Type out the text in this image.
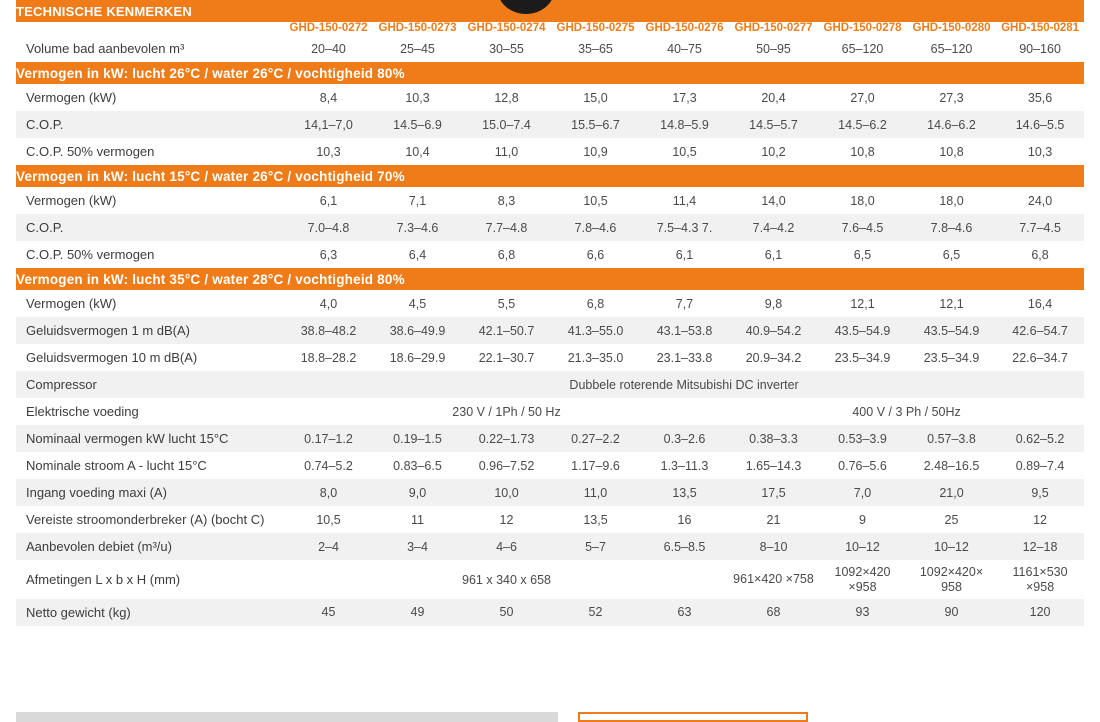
TECHNISCHE KENMERKEN									
	GHD-150-0272	GHD-150-0273	GHD-150-0274	GHD-150-0275	GHD-150-0276	GHD-150-0277	GHD-150-0278	GHD-150-0280	GHD-150-0281
Volume bad aanbevolen m³	20–40	25–45	30–55	35–65	40–75	50–95	65–120	65–120	90–160
Vermogen in kW: lucht 26°C / water 26°C / vochtigheid 80%									
Vermogen (kW)	8,4	10,3	12,8	15,0	17,3	20,4	27,0	27,3	35,6
C.O.P.	14,1–7,0	14.5–6.9	15.0–7.4	15.5–6.7	14.8–5.9	14.5–5.7	14.5–6.2	14.6–6.2	14.6–5.5
C.O.P. 50% vermogen	10,3	10,4	11,0	10,9	10,5	10,2	10,8	10,8	10,3
Vermogen in kW: lucht 15°C / water 26°C / vochtigheid 70%									
Vermogen (kW)	6,1	7,1	8,3	10,5	11,4	14,0	18,0	18,0	24,0
C.O.P.	7.0–4.8	7.3–4.6	7.7–4.8	7.8–4.6	7.5–4.3 7.	7.4–4.2	7.6–4.5	7.8–4.6	7.7–4.5
C.O.P. 50% vermogen	6,3	6,4	6,8	6,6	6,1	6,1	6,5	6,5	6,8
Vermogen in kW: lucht 35°C / water 28°C / vochtigheid 80%									
Vermogen (kW)	4,0	4,5	5,5	6,8	7,7	9,8	12,1	12,1	16,4
Geluidsvermogen 1 m dB(A)	38.8–48.2	38.6–49.9	42.1–50.7	41.3–55.0	43.1–53.8	40.9–54.2	43.5–54.9	43.5–54.9	42.6–54.7
Geluidsvermogen 10 m dB(A)	18.8–28.2	18.6–29.9	22.1–30.7	21.3–35.0	23.1–33.8	20.9–34.2	23.5–34.9	23.5–34.9	22.6–34.7
Compressor	Dubbele roterende Mitsubishi DC inverter								
Elektrische voeding	230 V / 1Ph / 50 Hz					400 V / 3 Ph / 50Hz			
Nominaal vermogen kW lucht 15°C	0.17–1.2	0.19–1.5	0.22–1.73	0.27–2.2	0.3–2.6	0.38–3.3	0.53–3.9	0.57–3.8	0.62–5.2
Nominale stroom A - lucht 15°C	0.74–5.2	0.83–6.5	0.96–7.52	1.17–9.6	1.3–11.3	1.65–14.3	0.76–5.6	2.48–16.5	0.89–7.4
Ingang voeding maxi (A)	8,0	9,0	10,0	11,0	13,5	17,5	7,0	21,0	9,5
Vereiste stroomonderbreker (A) (bocht C)	10,5	11	12	13,5	16	21	9	25	12
Aanbevolen debiet (m³/u)	2–4	3–4	4–6	5–7	6.5–8.5	8–10	10–12	10–12	12–18
Afmetingen L x b x H (mm)	961 x 340 x 658					961×420 ×758	1092×420 ×958	1092×420× 958	1161×530 ×958
Netto gewicht (kg)	45	49	50	52	63	68	93	90	120
